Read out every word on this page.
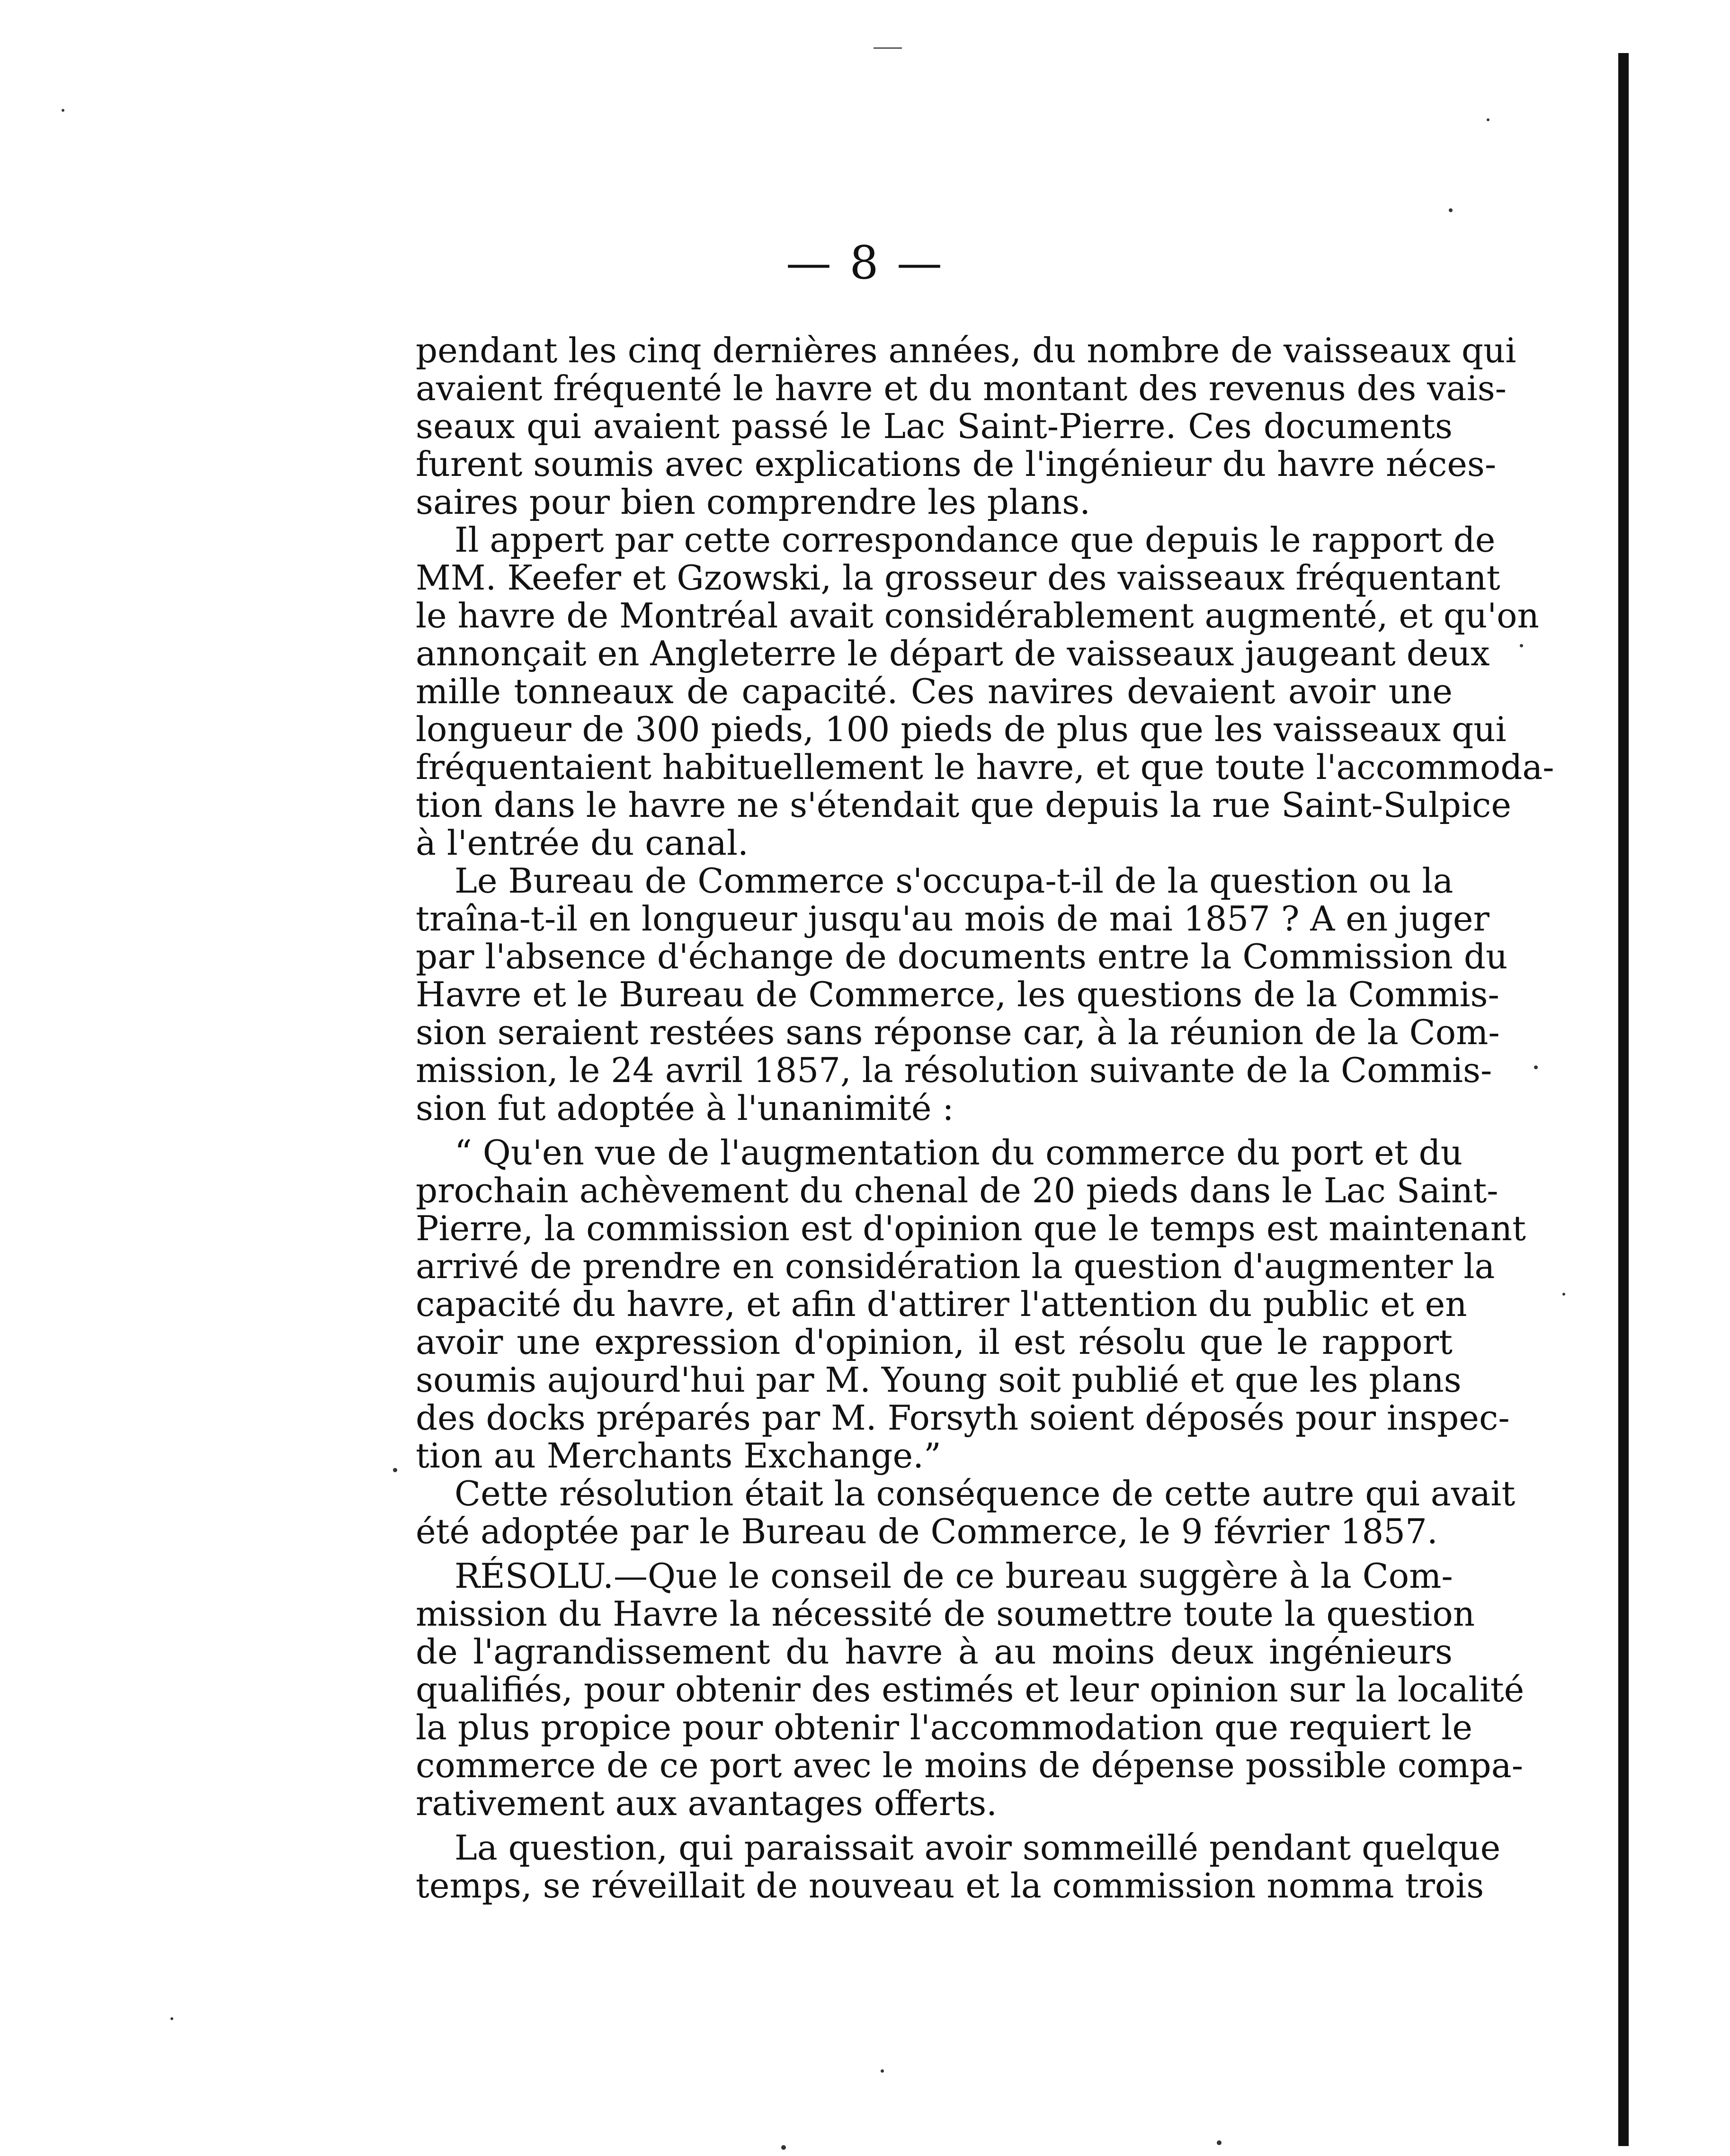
— 8 —
pendant les cinq dernières années, du nombre de vaisseaux qui
avaient fréquenté le havre et du montant des revenus des vais-
seaux qui avaient passé le Lac Saint-Pierre. Ces documents
furent soumis avec explications de l'ingénieur du havre néces-
saires pour bien comprendre les plans.
Il appert par cette correspondance que depuis le rapport de
MM. Keefer et Gzowski, la grosseur des vaisseaux fréquentant
le havre de Montréal avait considérablement augmenté, et qu'on
annonçait en Angleterre le départ de vaisseaux jaugeant deux
mille tonneaux de capacité. Ces navires devaient avoir une
longueur de 300 pieds, 100 pieds de plus que les vaisseaux qui
fréquentaient habituellement le havre, et que toute l'accommoda-
tion dans le havre ne s'étendait que depuis la rue Saint-Sulpice
à l'entrée du canal.
Le Bureau de Commerce s'occupa-t-il de la question ou la
traîna-t-il en longueur jusqu'au mois de mai 1857 ? A en juger
par l'absence d'échange de documents entre la Commission du
Havre et le Bureau de Commerce, les questions de la Commis-
sion seraient restées sans réponse car, à la réunion de la Com-
mission, le 24 avril 1857, la résolution suivante de la Commis-
sion fut adoptée à l'unanimité :
“ Qu'en vue de l'augmentation du commerce du port et du
prochain achèvement du chenal de 20 pieds dans le Lac Saint-
Pierre, la commission est d'opinion que le temps est maintenant
arrivé de prendre en considération la question d'augmenter la
capacité du havre, et afin d'attirer l'attention du public et en
avoir une expression d'opinion, il est résolu que le rapport
soumis aujourd'hui par M. Young soit publié et que les plans
des docks préparés par M. Forsyth soient déposés pour inspec-
tion au Merchants Exchange.”
Cette résolution était la conséquence de cette autre qui avait
été adoptée par le Bureau de Commerce, le 9 février 1857.
RÉSOLU.—Que le conseil de ce bureau suggère à la Com-
mission du Havre la nécessité de soumettre toute la question
de l'agrandissement du havre à au moins deux ingénieurs
qualifiés, pour obtenir des estimés et leur opinion sur la localité
la plus propice pour obtenir l'accommodation que requiert le
commerce de ce port avec le moins de dépense possible compa-
rativement aux avantages offerts.
La question, qui paraissait avoir sommeillé pendant quelque
temps, se réveillait de nouveau et la commission nomma trois
